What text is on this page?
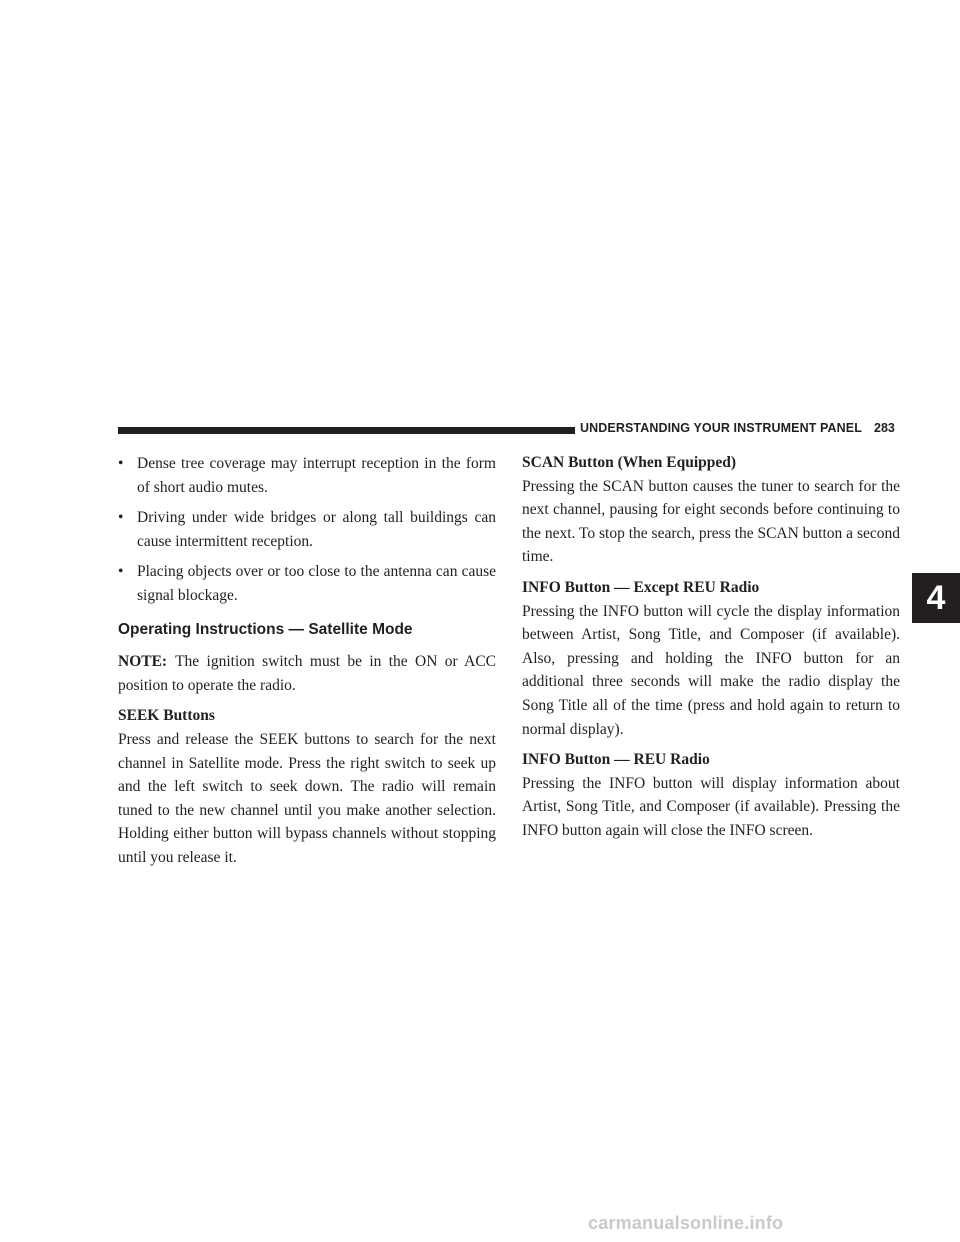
UNDERSTANDING YOUR INSTRUMENT PANEL 283
4

• Dense tree coverage may interrupt reception in the form of short audio mutes.

• Driving under wide bridges or along tall buildings can cause intermittent reception.

• Placing objects over or too close to the antenna can cause signal blockage.

Operating Instructions — Satellite Mode

NOTE: The ignition switch must be in the ON or ACC position to operate the radio.

SEEK Buttons

Press and release the SEEK buttons to search for the next channel in Satellite mode. Press the right switch to seek up and the left switch to seek down. The radio will remain tuned to the new channel until you make another selection. Holding either button will bypass channels without stopping until you release it.

SCAN Button (When Equipped)

Pressing the SCAN button causes the tuner to search for the next channel, pausing for eight seconds before continuing to the next. To stop the search, press the SCAN button a second time.

INFO Button — Except REU Radio

Pressing the INFO button will cycle the display information between Artist, Song Title, and Composer (if available). Also, pressing and holding the INFO button for an additional three seconds will make the radio display the Song Title all of the time (press and hold again to return to normal display).

INFO Button — REU Radio

Pressing the INFO button will display information about Artist, Song Title, and Composer (if available). Pressing the INFO button again will close the INFO screen.

carmanualsonline.info
